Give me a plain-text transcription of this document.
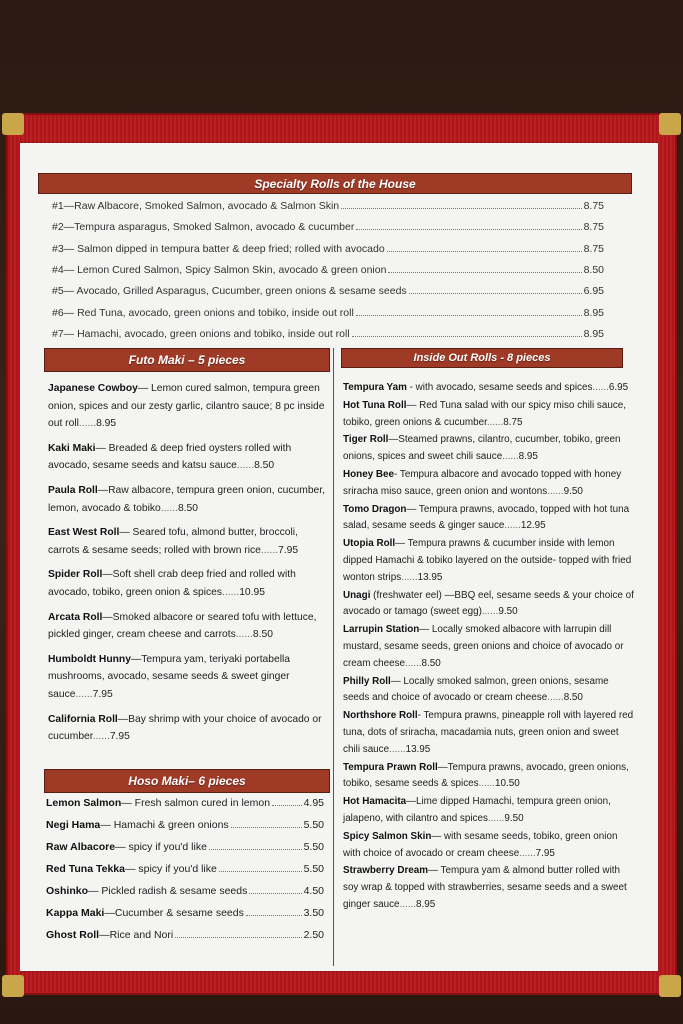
Specialty Rolls of the House
#1—Raw Albacore, Smoked Salmon, avocado & Salmon Skin	8.75
#2—Tempura asparagus, Smoked Salmon, avocado & cucumber	8.75
#3— Salmon dipped in tempura batter & deep fried; rolled with avocado	8.75
#4— Lemon Cured Salmon, Spicy Salmon Skin, avocado & green onion	8.50
#5— Avocado, Grilled Asparagus, Cucumber, green onions & sesame seeds	6.95
#6— Red Tuna, avocado, green onions and tobiko, inside out roll	8.95
#7— Hamachi, avocado, green onions and tobiko, inside out roll	8.95
Futo Maki – 5 pieces	Inside Out Rolls - 8 pieces
Japanese Cowboy— Lemon cured salmon, tempura green onion, spices and our zesty garlic, cilantro sauce; 8 pc inside out roll......8.95
Kaki Maki— Breaded & deep fried oysters rolled with avocado, sesame seeds and katsu sauce......8.50
Paula Roll—Raw albacore, tempura green onion, cucumber, lemon, avocado & tobiko......8.50
East West Roll— Seared tofu, almond butter, broccoli, carrots & sesame seeds; rolled with brown rice......7.95
Spider Roll—Soft shell crab deep fried and rolled with avocado, tobiko, green onion & spices......10.95
Arcata Roll—Smoked albacore or seared tofu with lettuce, pickled ginger, cream cheese and carrots......8.50
Humboldt Hunny—Tempura yam, teriyaki portabella mushrooms, avocado, sesame seeds & sweet ginger sauce......7.95
California Roll—Bay shrimp with your choice of avocado or cucumber......7.95
Hoso Maki– 6 pieces
Lemon Salmon — Fresh salmon cured in lemon	4.95
Negi Hama — Hamachi & green onions	5.50
Raw Albacore — spicy if you'd like	5.50
Red Tuna Tekka — spicy if you'd like	5.50
Oshinko — Pickled radish & sesame seeds	4.50
Kappa Maki —Cucumber & sesame seeds	3.50
Ghost Roll —Rice and Nori	2.50
Tempura Yam - with avocado, sesame seeds and spices......6.95
Hot Tuna Roll— Red Tuna salad with our spicy miso chili sauce, tobiko, green onions & cucumber......8.75
Tiger Roll—Steamed prawns, cilantro, cucumber, tobiko, green onions, spices and sweet chili sauce......8.95
Honey Bee- Tempura albacore and avocado topped with honey sriracha miso sauce, green onion and wontons......9.50
Tomo Dragon— Tempura prawns, avocado, topped with hot tuna salad, sesame seeds & ginger sauce......12.95
Utopia Roll— Tempura prawns & cucumber inside with lemon dipped Hamachi & tobiko layered on the outside- topped with fried wonton strips......13.95
Unagi (freshwater eel) —BBQ eel, sesame seeds & your choice of avocado or tamago (sweet egg)......9.50
Larrupin Station— Locally smoked albacore with larrupin dill mustard, sesame seeds, green onions and choice of avocado or cream cheese......8.50
Philly Roll— Locally smoked salmon, green onions, sesame seeds and choice of avocado or cream cheese......8.50
Northshore Roll- Tempura prawns, pineapple roll with layered red tuna, dots of sriracha, macadamia nuts, green onion and sweet chili sauce......13.95
Tempura Prawn Roll—Tempura prawns, avocado, green onions, tobiko, sesame seeds & spices......10.50
Hot Hamacita—Lime dipped Hamachi, tempura green onion, jalapeno, with cilantro and spices......9.50
Spicy Salmon Skin— with sesame seeds, tobiko, green onion with choice of avocado or cream cheese......7.95
Strawberry Dream— Tempura yam & almond butter rolled with soy wrap & topped with strawberries, sesame seeds and a sweet ginger sauce......8.95
